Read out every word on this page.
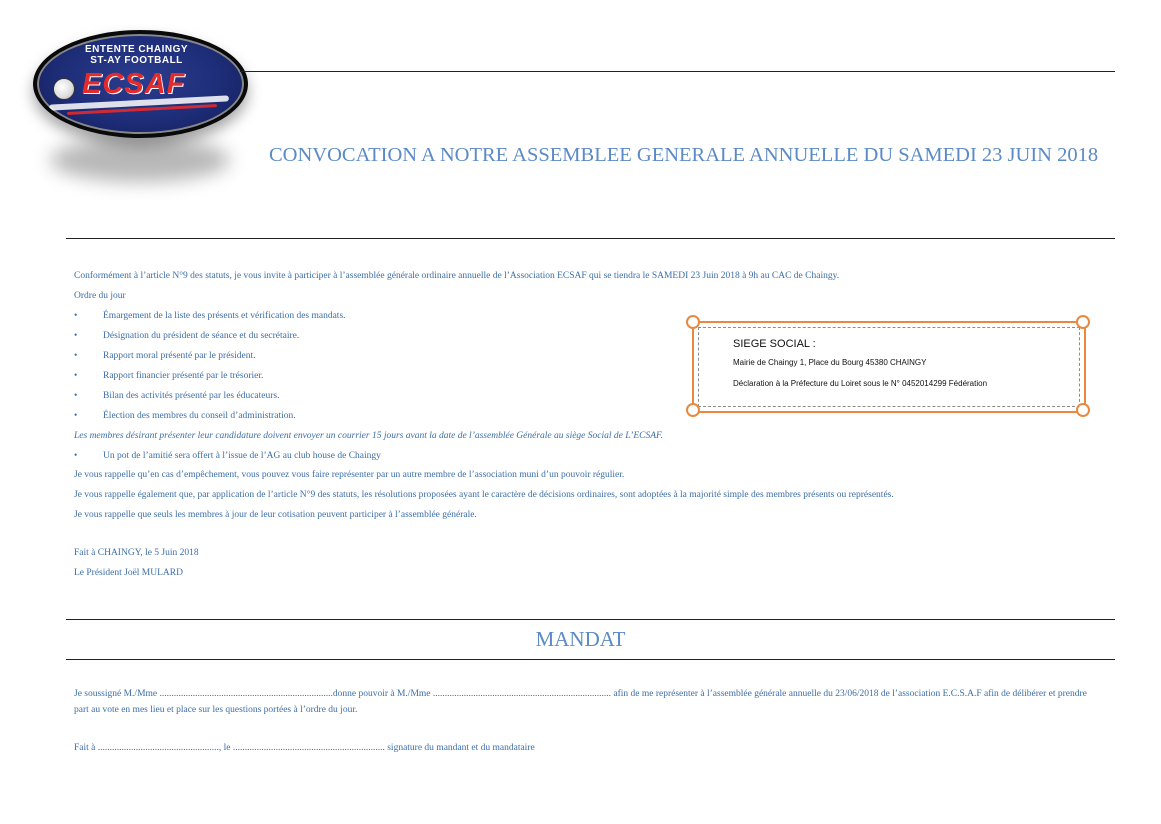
ENTENTE CHAINGY
ST-AY FOOTBALL
ECSAF
CONVOCATION A NOTRE ASSEMBLEE GENERALE ANNUELLE DU SAMEDI 23 JUIN 2018
Conformément à l’article N°9 des statuts, je vous invite à participer à l’assemblée générale ordinaire annuelle de l’Association ECSAF qui se tiendra le SAMEDI 23 Juin 2018 à 9h au CAC de Chaingy.
Ordre du jour
•	Émargement de la liste des présents et vérification des mandats.
•	Désignation du président de séance et du secrétaire.
•	Rapport moral présenté par le président.
•	Rapport financier présenté par le trésorier.
•	Bilan des activités présenté par les éducateurs.
•	Élection des membres du conseil d’administration.
Les membres désirant présenter leur candidature doivent envoyer un courrier 15 jours avant la date de l’assemblée Générale au siège Social de L’ECSAF.
•	Un pot de l’amitié sera offert à l’issue de l’AG au club house de Chaingy
Je vous rappelle qu’en cas d’empêchement, vous pouvez vous faire représenter par un autre membre de l’association muni d’un pouvoir régulier.
Je vous rappelle également que, par application de l’article N°9 des statuts, les résolutions proposées ayant le caractère de décisions ordinaires, sont adoptées à la majorité simple des membres présents ou représentés.
Je vous rappelle que seuls les membres à jour de leur cotisation peuvent participer à l’assemblée générale.
Fait à CHAINGY, le 5 Juin 2018
Le Président Joël MULARD
SIEGE SOCIAL :
Mairie de Chaingy 1, Place du Bourg 45380 CHAINGY
Déclaration à la Préfecture du Loiret sous le N° 0452014299 Fédération
MANDAT
Je soussigné M./Mme .........................................................................donne pouvoir à M./Mme ........................................................................... afin de me représenter à l’assemblée générale annuelle du 23/06/2018 de l’association E.C.S.A.F afin de délibérer et prendre
part au vote en mes lieu et place sur les questions portées à l’ordre du jour.
Fait à ..................................................., le ................................................................ signature du mandant et du mandataire
